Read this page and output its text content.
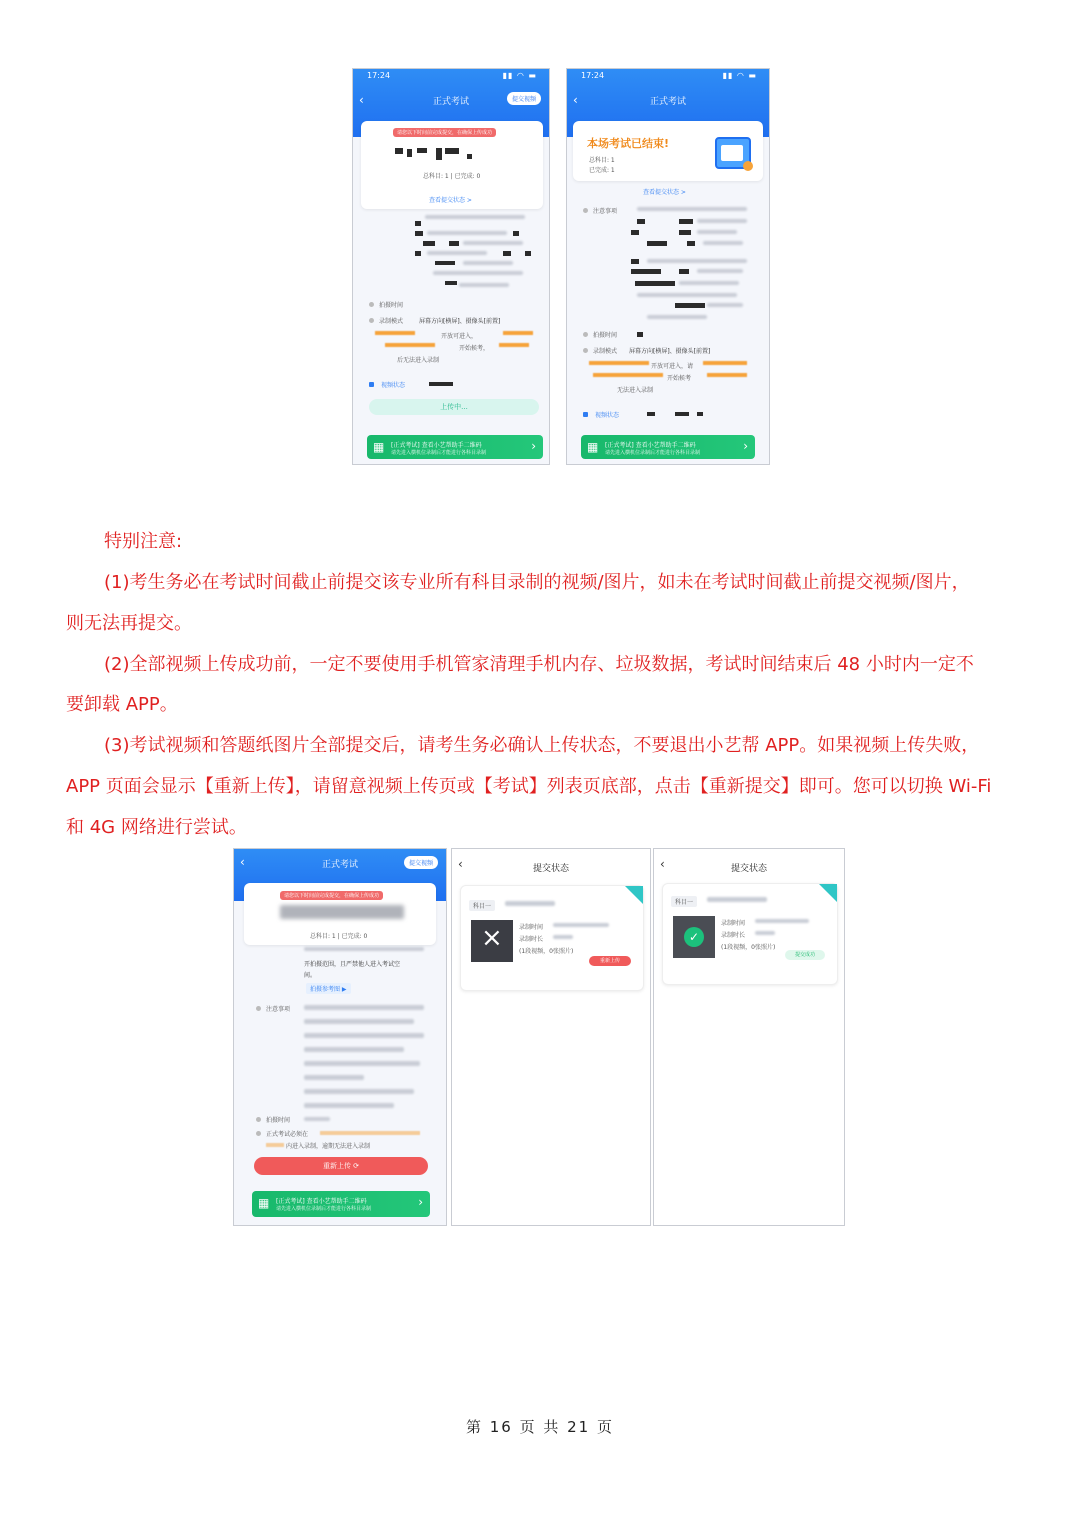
17:24	▮▮ ◠ ▬
‹	正式考试	提交视频
请您以下时间前完成提交，在确保上传成功
总科目: 1 | 已完成: 0
查看提交状态 >
拍摄时间
录制模式	屏幕方向[横屏]、摄像头[前置]
开放可进入，
开始候考，
后无法进入录制
视频状态
上传中...
▦ [正式考试] 查看小艺帮助手二维码
请先进入横机位录制后才能进行各科目录制	›
17:24	▮▮ ◠ ▬
‹	正式考试
本场考试已结束!
总科目: 1
已完成: 1
查看提交状态 >
注意事项
拍摄时间
录制模式 屏幕方向[横屏]、摄像头[前置]
开放可进入，请
开始候考
无法进入录制
视频状态
▦ [正式考试] 查看小艺帮助手二维码
请先进入横机位录制后才能进行各科目录制	›
特别注意:
(1)考生务必在考试时间截止前提交该专业所有科目录制的视频/图片，如未在考试时间截止前提交视频/图片，
则无法再提交。
(2)全部视频上传成功前，一定不要使用手机管家清理手机内存、垃圾数据，考试时间结束后 48 小时内一定不
要卸载 APP。
(3)考试视频和答题纸图片全部提交后，请考生务必确认上传状态，不要退出小艺帮 APP。如果视频上传失败，
APP 页面会显示【重新上传】，请留意视频上传页或【考试】列表页底部，点击【重新提交】即可。您可以切换 Wi-Fi
和 4G 网络进行尝试。
‹	正式考试	提交视频
请您以下时间前完成提交，在确保上传成功
总科目: 1 | 已完成: 0
开拍摄范围，且严禁他人进入考试空
间。
拍摄参考图 ▶
注意事项
拍摄时间
正式考试必须在
内进入录制，逾期无法进入录制
重新上传 ⟳
▦ [正式考试] 查看小艺帮助手二维码
请先进入横机位录制后才能进行各科目录制	›
‹	提交状态
科目一
×	录制时间
录制时长
(1段视频，0张照片)
重新上传
‹	提交状态
科目一
✓
录制时间
录制时长
(1段视频，0张照片)
提交成功
第 16 页 共 21 页
